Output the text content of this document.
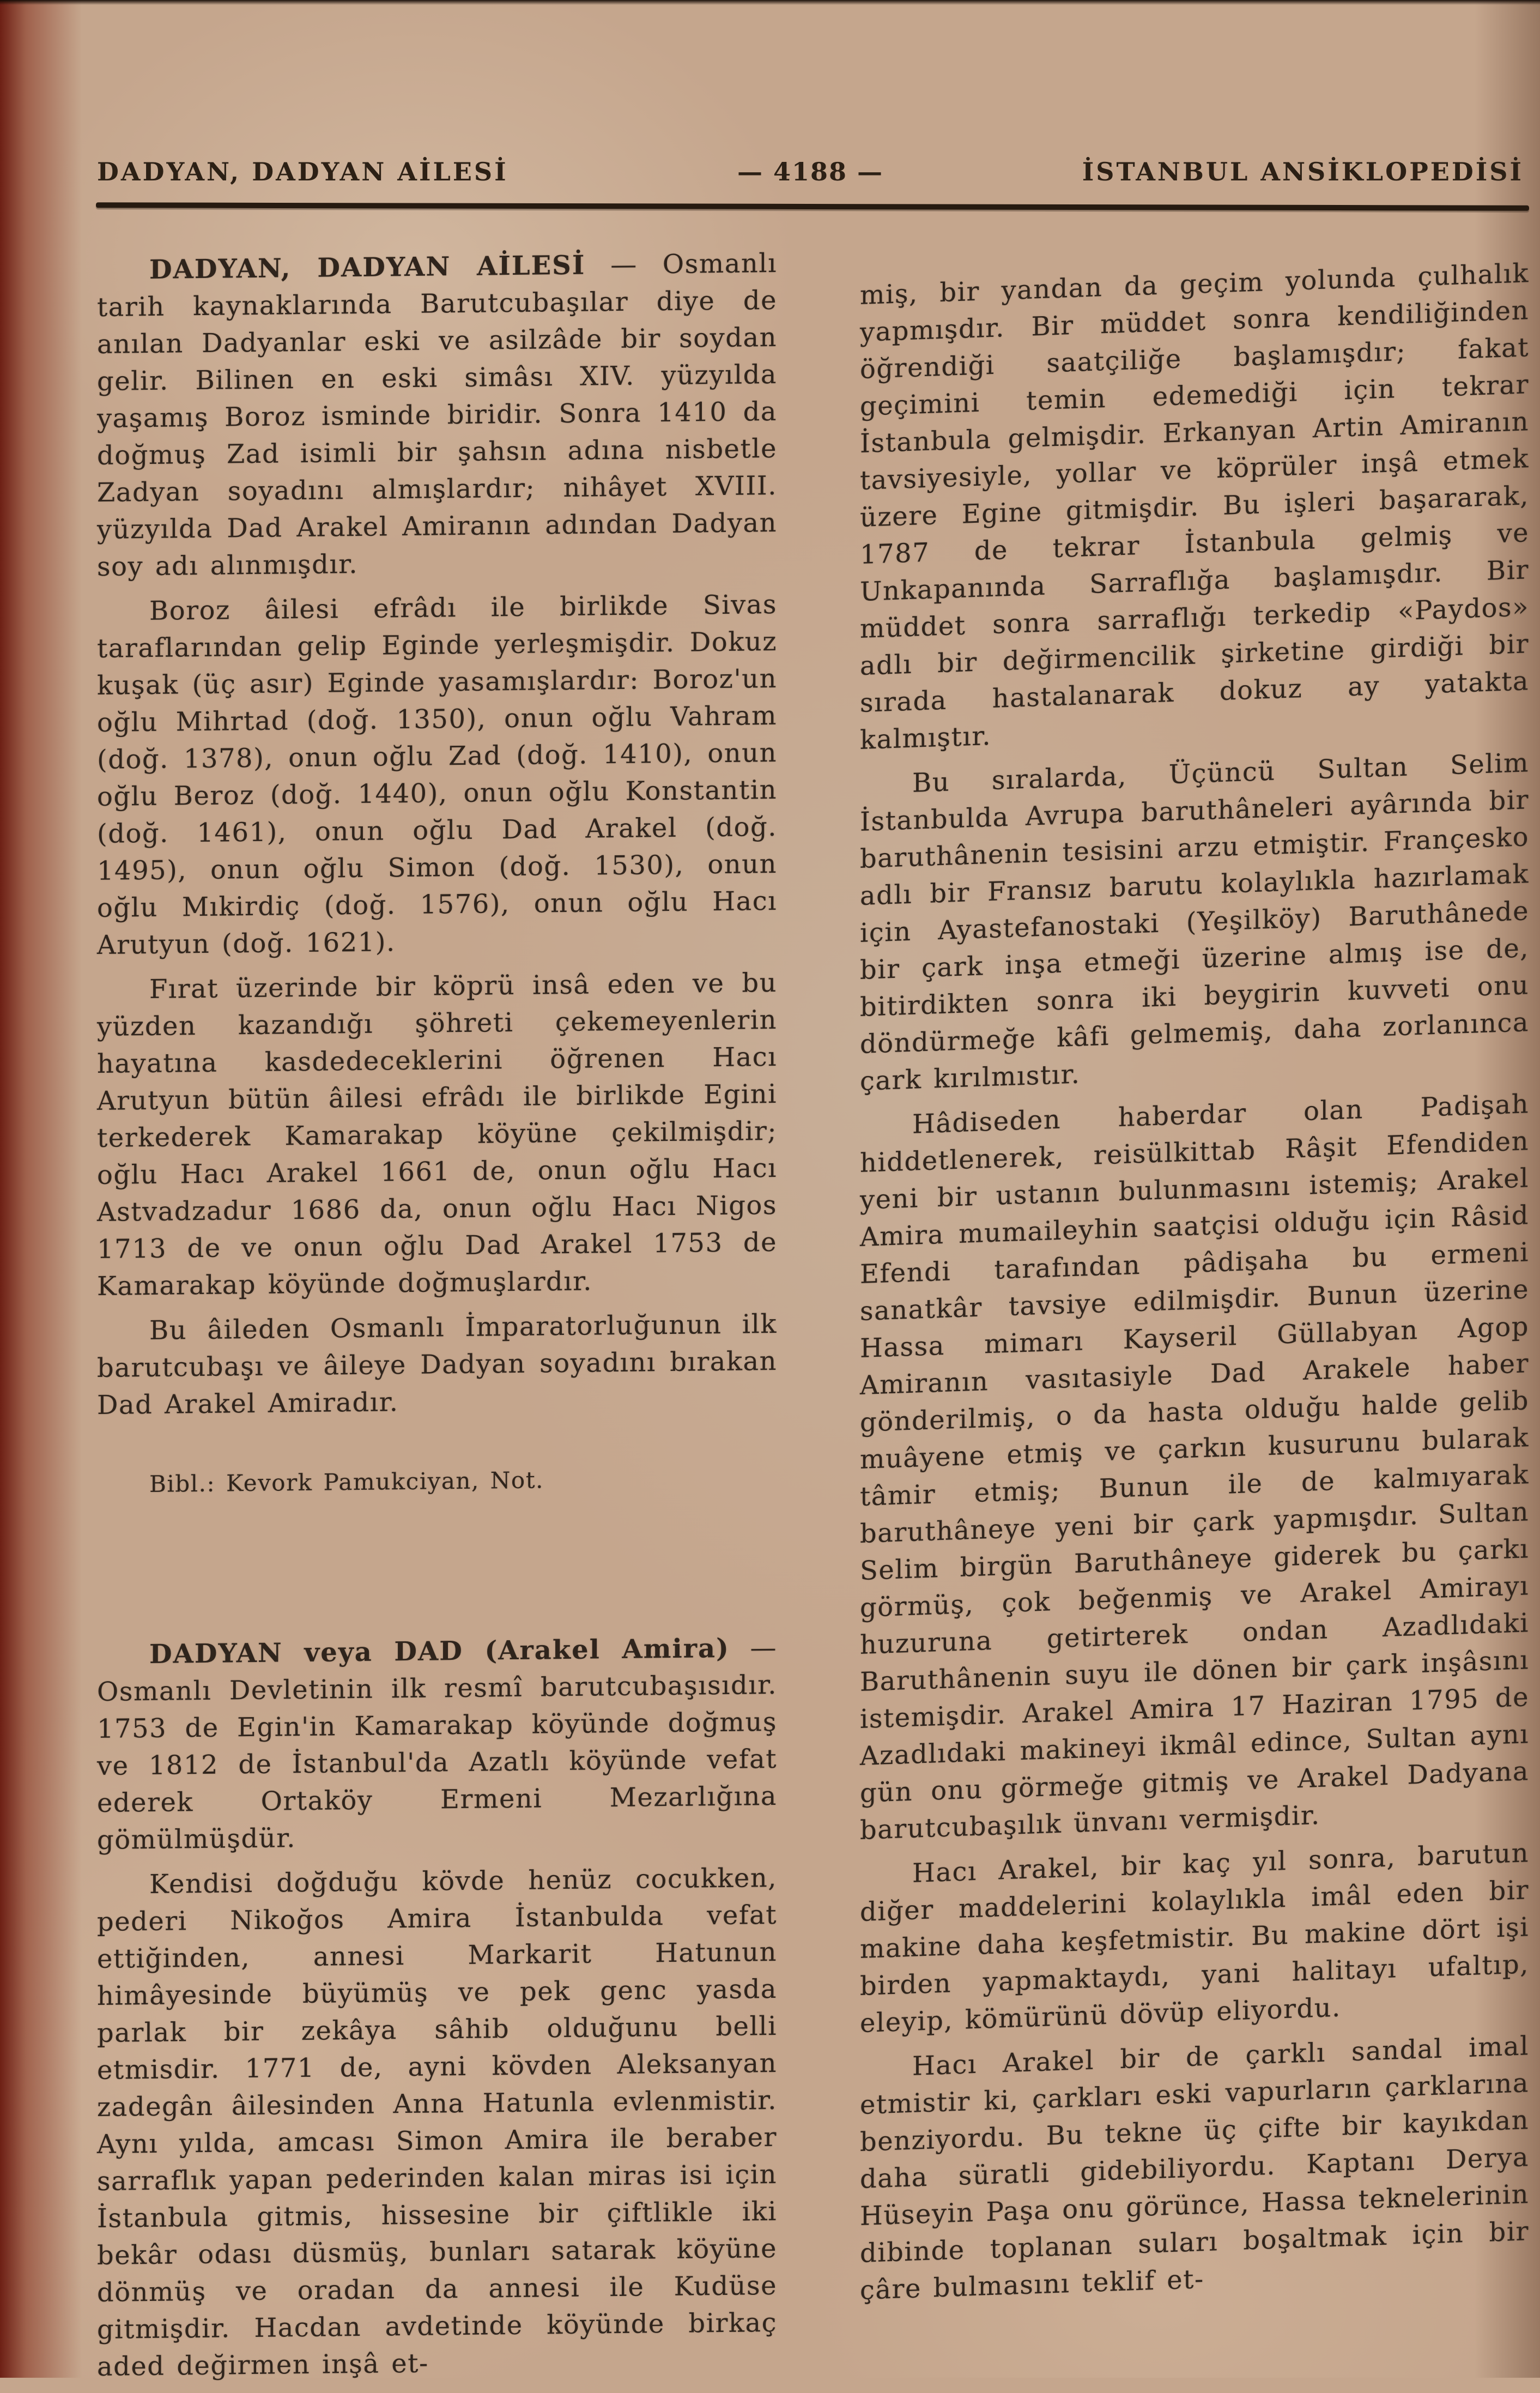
DADYAN, DADYAN AİLESİ	— 4188 —	İSTANBUL ANSİKLOPEDİSİ

DADYAN, DADYAN AİLESİ — Osmanlı tarih kaynaklarında Barutcubaşılar diye de anılan Dadyanlar eski ve asilzâde bir soydan gelir. Bilinen en eski simâsı XIV. yüzyılda yaşamış Boroz isminde biridir. Sonra 1410 da doğmuş Zad isimli bir şahsın adına nisbetle Zadyan soyadını almışlardır; nihâyet XVIII. yüzyılda Dad Arakel Amiranın adından Dadyan soy adı alınmışdır.

Boroz âilesi efrâdı ile birlikde Sivas taraflarından gelip Eginde yerleşmişdir. Dokuz kuşak (üç asır) Eginde yasamışlardır: Boroz'un oğlu Mihrtad (doğ. 1350), onun oğlu Vahram (doğ. 1378), onun oğlu Zad (doğ. 1410), onun oğlu Beroz (doğ. 1440), onun oğlu Konstantin (doğ. 1461), onun oğlu Dad Arakel (doğ. 1495), onun oğlu Simon (doğ. 1530), onun oğlu Mıkirdiç (doğ. 1576), onun oğlu Hacı Arutyun (doğ. 1621).

Fırat üzerinde bir köprü insâ eden ve bu yüzden kazandığı şöhreti çekemeyenlerin hayatına kasdedeceklerini öğrenen Hacı Arutyun bütün âilesi efrâdı ile birlikde Egini terkederek Kamarakap köyüne çekilmişdir; oğlu Hacı Arakel 1661 de, onun oğlu Hacı Astvadzadur 1686 da, onun oğlu Hacı Nigos 1713 de ve onun oğlu Dad Arakel 1753 de Kamarakap köyünde doğmuşlardır.

Bu âileden Osmanlı İmparatorluğunun ilk barutcubaşı ve âileye Dadyan soyadını bırakan Dad Arakel Amiradır.

Bibl.: Kevork Pamukciyan, Not.

DADYAN veya DAD (Arakel Amira) — Osmanlı Devletinin ilk resmî barutcubaşısıdır. 1753 de Egin'in Kamarakap köyünde doğmuş ve 1812 de İstanbul'da Azatlı köyünde vefat ederek Ortaköy Ermeni Mezarlığına gömülmüşdür.

Kendisi doğduğu kövde henüz cocukken, pederi Nikoğos Amira İstanbulda vefat ettiğinden, annesi Markarit Hatunun himâyesinde büyümüş ve pek genc yasda parlak bir zekâya sâhib olduğunu belli etmisdir. 1771 de, ayni kövden Aleksanyan zadegân âilesinden Anna Hatunla evlenmistir. Aynı yılda, amcası Simon Amira ile beraber sarraflık yapan pederinden kalan miras isi için İstanbula gitmis, hissesine bir çiftlikle iki bekâr odası düsmüş, bunları satarak köyüne dönmüş ve oradan da annesi ile Kudüse gitmişdir. Hacdan avdetinde köyünde birkaç aded değirmen inşâ et-

miş, bir yandan da geçim yolunda çulhalık yapmışdır. Bir müddet sonra kendiliğinden öğrendiği saatçiliğe başlamışdır; fakat geçimini temin edemediği için tekrar İstanbula gelmişdir. Erkanyan Artin Amiranın tavsiyesiyle, yollar ve köprüler inşâ etmek üzere Egine gitmişdir. Bu işleri başararak, 1787 de tekrar İstanbula gelmiş ve Unkapanında Sarraflığa başlamışdır. Bir müddet sonra sarraflığı terkedip «Paydos» adlı bir değirmencilik şirketine girdiği bir sırada hastalanarak dokuz ay yatakta kalmıştır.

Bu sıralarda, Üçüncü Sultan Selim İstanbulda Avrupa baruthâneleri ayârında bir baruthânenin tesisini arzu etmiştir. Françesko adlı bir Fransız barutu kolaylıkla hazırlamak için Ayastefanostaki (Yeşilköy) Baruthânede bir çark inşa etmeği üzerine almış ise de, bitirdikten sonra iki beygirin kuvveti onu döndürmeğe kâfi gelmemiş, daha zorlanınca çark kırılmıstır.

Hâdiseden haberdar olan Padişah hiddetlenerek, reisülkittab Râşit Efendiden yeni bir ustanın bulunmasını istemiş; Arakel Amira mumaileyhin saatçisi olduğu için Râsid Efendi tarafından pâdişaha bu ermeni sanatkâr tavsiye edilmişdir. Bunun üzerine Hassa mimarı Kayseril Güllabyan Agop Amiranın vasıtasiyle Dad Arakele haber gönderilmiş, o da hasta olduğu halde gelib muâyene etmiş ve çarkın kusurunu bularak tâmir etmiş; Bunun ile de kalmıyarak baruthâneye yeni bir çark yapmışdır. Sultan Selim birgün Baruthâneye giderek bu çarkı görmüş, çok beğenmiş ve Arakel Amirayı huzuruna getirterek ondan Azadlıdaki Baruthânenin suyu ile dönen bir çark inşâsını istemişdir. Arakel Amira 17 Haziran 1795 de Azadlıdaki makineyi ikmâl edince, Sultan aynı gün onu görmeğe gitmiş ve Arakel Dadyana barutcubaşılık ünvanı vermişdir.

Hacı Arakel, bir kaç yıl sonra, barutun diğer maddelerini kolaylıkla imâl eden bir makine daha keşfetmistir. Bu makine dört işi birden yapmaktaydı, yani halitayı ufaltıp, eleyip, kömürünü dövüp eliyordu.

Hacı Arakel bir de çarklı sandal imal etmistir ki, çarkları eski vapurların çarklarına benziyordu. Bu tekne üç çifte bir kayıkdan daha süratli gidebiliyordu. Kaptanı Derya Hüseyin Paşa onu görünce, Hassa teknelerinin dibinde toplanan suları boşaltmak için bir çâre bulmasını teklif et-
